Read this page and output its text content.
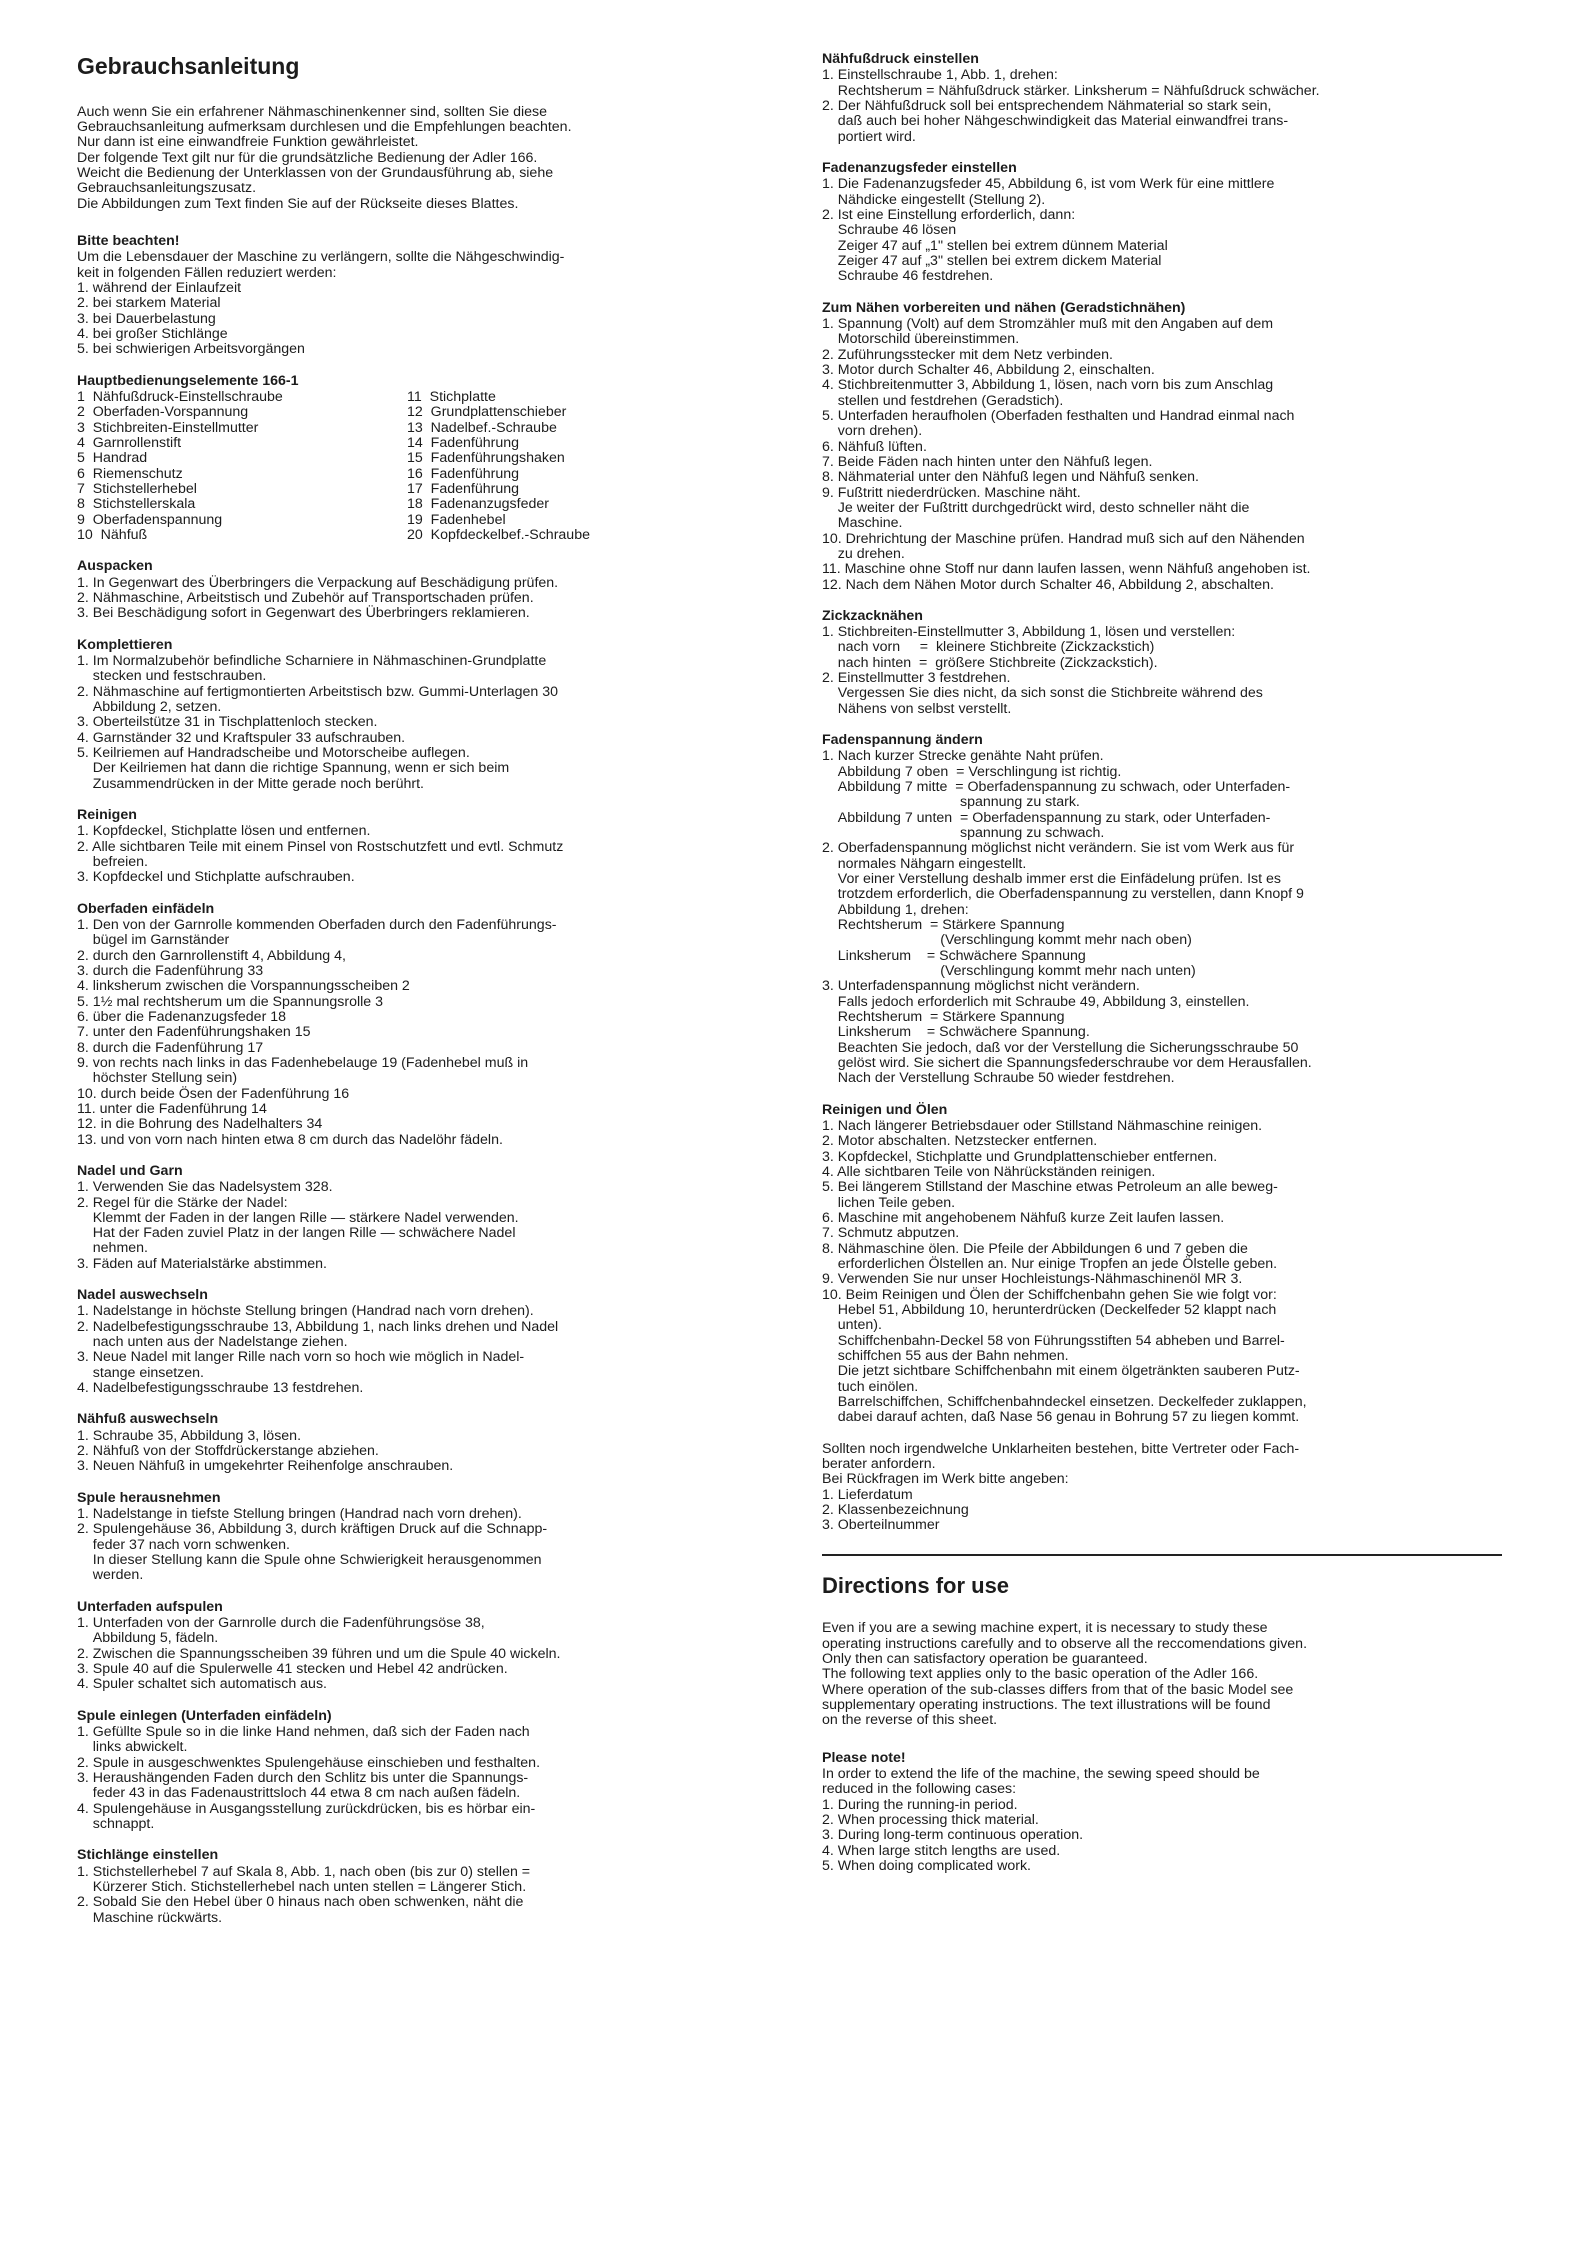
Gebrauchsanleitung
Auch wenn Sie ein erfahrener Nähmaschinenkenner sind, sollten Sie diese
Gebrauchsanleitung aufmerksam durchlesen und die Empfehlungen beachten.
Nur dann ist eine einwandfreie Funktion gewährleistet.
Der folgende Text gilt nur für die grundsätzliche Bedienung der Adler 166.
Weicht die Bedienung der Unterklassen von der Grundausführung ab, siehe
Gebrauchsanleitungszusatz.
Die Abbildungen zum Text finden Sie auf der Rückseite dieses Blattes.
Bitte beachten!
Um die Lebensdauer der Maschine zu verlängern, sollte die Nähgeschwindig-
keit in folgenden Fällen reduziert werden:
1. während der Einlaufzeit
2. bei starkem Material
3. bei Dauerbelastung
4. bei großer Stichlänge
5. bei schwierigen Arbeitsvorgängen
Hauptbedienungselemente 166-1
1  Nähfußdruck-Einstellschraube
2  Oberfaden-Vorspannung
3  Stichbreiten-Einstellmutter
4  Garnrollenstift
5  Handrad
6  Riemenschutz
7  Stichstellerhebel
8  Stichstellerskala
9  Oberfadenspannung
10  Nähfuß
11  Stichplatte
12  Grundplattenschieber
13  Nadelbef.-Schraube
14  Fadenführung
15  Fadenführungshaken
16  Fadenführung
17  Fadenführung
18  Fadenanzugsfeder
19  Fadenhebel
20  Kopfdeckelbef.-Schraube
Auspacken
1. In Gegenwart des Überbringers die Verpackung auf Beschädigung prüfen.
2. Nähmaschine, Arbeitstisch und Zubehör auf Transportschaden prüfen.
3. Bei Beschädigung sofort in Gegenwart des Überbringers reklamieren.
Komplettieren
1. Im Normalzubehör befindliche Scharniere in Nähmaschinen-Grundplatte
stecken und festschrauben.
2. Nähmaschine auf fertigmontierten Arbeitstisch bzw. Gummi-Unterlagen 30
Abbildung 2, setzen.
3. Oberteilstütze 31 in Tischplattenloch stecken.
4. Garnständer 32 und Kraftspuler 33 aufschrauben.
5. Keilriemen auf Handradscheibe und Motorscheibe auflegen.
Der Keilriemen hat dann die richtige Spannung, wenn er sich beim
Zusammendrücken in der Mitte gerade noch berührt.
Reinigen
1. Kopfdeckel, Stichplatte lösen und entfernen.
2. Alle sichtbaren Teile mit einem Pinsel von Rostschutzfett und evtl. Schmutz
befreien.
3. Kopfdeckel und Stichplatte aufschrauben.
Oberfaden einfädeln
1. Den von der Garnrolle kommenden Oberfaden durch den Fadenführungs-
bügel im Garnständer
2. durch den Garnrollenstift 4, Abbildung 4,
3. durch die Fadenführung 33
4. linksherum zwischen die Vorspannungsscheiben 2
5. 1½ mal rechtsherum um die Spannungsrolle 3
6. über die Fadenanzugsfeder 18
7. unter den Fadenführungshaken 15
8. durch die Fadenführung 17
9. von rechts nach links in das Fadenhebelauge 19 (Fadenhebel muß in
höchster Stellung sein)
10. durch beide Ösen der Fadenführung 16
11. unter die Fadenführung 14
12. in die Bohrung des Nadelhalters 34
13. und von vorn nach hinten etwa 8 cm durch das Nadelöhr fädeln.
Nadel und Garn
1. Verwenden Sie das Nadelsystem 328.
2. Regel für die Stärke der Nadel:
Klemmt der Faden in der langen Rille — stärkere Nadel verwenden.
Hat der Faden zuviel Platz in der langen Rille — schwächere Nadel
nehmen.
3. Fäden auf Materialstärke abstimmen.
Nadel auswechseln
1. Nadelstange in höchste Stellung bringen (Handrad nach vorn drehen).
2. Nadelbefestigungsschraube 13, Abbildung 1, nach links drehen und Nadel
nach unten aus der Nadelstange ziehen.
3. Neue Nadel mit langer Rille nach vorn so hoch wie möglich in Nadel-
stange einsetzen.
4. Nadelbefestigungsschraube 13 festdrehen.
Nähfuß auswechseln
1. Schraube 35, Abbildung 3, lösen.
2. Nähfuß von der Stoffdrückerstange abziehen.
3. Neuen Nähfuß in umgekehrter Reihenfolge anschrauben.
Spule herausnehmen
1. Nadelstange in tiefste Stellung bringen (Handrad nach vorn drehen).
2. Spulengehäuse 36, Abbildung 3, durch kräftigen Druck auf die Schnapp-
feder 37 nach vorn schwenken.
In dieser Stellung kann die Spule ohne Schwierigkeit herausgenommen
werden.
Unterfaden aufspulen
1. Unterfaden von der Garnrolle durch die Fadenführungsöse 38,
Abbildung 5, fädeln.
2. Zwischen die Spannungsscheiben 39 führen und um die Spule 40 wickeln.
3. Spule 40 auf die Spulerwelle 41 stecken und Hebel 42 andrücken.
4. Spuler schaltet sich automatisch aus.
Spule einlegen (Unterfaden einfädeln)
1. Gefüllte Spule so in die linke Hand nehmen, daß sich der Faden nach
links abwickelt.
2. Spule in ausgeschwenktes Spulengehäuse einschieben und festhalten.
3. Heraushängenden Faden durch den Schlitz bis unter die Spannungs-
feder 43 in das Fadenaustrittsloch 44 etwa 8 cm nach außen fädeln.
4. Spulengehäuse in Ausgangsstellung zurückdrücken, bis es hörbar ein-
schnappt.
Stichlänge einstellen
1. Stichstellerhebel 7 auf Skala 8, Abb. 1, nach oben (bis zur 0) stellen =
Kürzerer Stich. Stichstellerhebel nach unten stellen = Längerer Stich.
2. Sobald Sie den Hebel über 0 hinaus nach oben schwenken, näht die
Maschine rückwärts.
Nähfußdruck einstellen
1. Einstellschraube 1, Abb. 1, drehen:
Rechtsherum = Nähfußdruck stärker. Linksherum = Nähfußdruck schwächer.
2. Der Nähfußdruck soll bei entsprechendem Nähmaterial so stark sein,
daß auch bei hoher Nähgeschwindigkeit das Material einwandfrei trans-
portiert wird.
Fadenanzugsfeder einstellen
1. Die Fadenanzugsfeder 45, Abbildung 6, ist vom Werk für eine mittlere
Nähdicke eingestellt (Stellung 2).
2. Ist eine Einstellung erforderlich, dann:
Schraube 46 lösen
Zeiger 47 auf „1" stellen bei extrem dünnem Material
Zeiger 47 auf „3" stellen bei extrem dickem Material
Schraube 46 festdrehen.
Zum Nähen vorbereiten und nähen (Geradstichnähen)
1. Spannung (Volt) auf dem Stromzähler muß mit den Angaben auf dem
Motorschild übereinstimmen.
2. Zuführungsstecker mit dem Netz verbinden.
3. Motor durch Schalter 46, Abbildung 2, einschalten.
4. Stichbreitenmutter 3, Abbildung 1, lösen, nach vorn bis zum Anschlag
stellen und festdrehen (Geradstich).
5. Unterfaden heraufholen (Oberfaden festhalten und Handrad einmal nach
vorn drehen).
6. Nähfuß lüften.
7. Beide Fäden nach hinten unter den Nähfuß legen.
8. Nähmaterial unter den Nähfuß legen und Nähfuß senken.
9. Fußtritt niederdrücken. Maschine näht.
Je weiter der Fußtritt durchgedrückt wird, desto schneller näht die
Maschine.
10. Drehrichtung der Maschine prüfen. Handrad muß sich auf den Nähenden
zu drehen.
11. Maschine ohne Stoff nur dann laufen lassen, wenn Nähfuß angehoben ist.
12. Nach dem Nähen Motor durch Schalter 46, Abbildung 2, abschalten.
Zickzacknähen
1. Stichbreiten-Einstellmutter 3, Abbildung 1, lösen und verstellen:
nach vorn     =  kleinere Stichbreite (Zickzackstich)
nach hinten  =  größere Stichbreite (Zickzackstich).
2. Einstellmutter 3 festdrehen.
Vergessen Sie dies nicht, da sich sonst die Stichbreite während des
Nähens von selbst verstellt.
Fadenspannung ändern
1. Nach kurzer Strecke genähte Naht prüfen.
Abbildung 7 oben  = Verschlingung ist richtig.
Abbildung 7 mitte  = Oberfadenspannung zu schwach, oder Unterfaden-
spannung zu stark.
Abbildung 7 unten  = Oberfadenspannung zu stark, oder Unterfaden-
spannung zu schwach.
2. Oberfadenspannung möglichst nicht verändern. Sie ist vom Werk aus für
normales Nähgarn eingestellt.
Vor einer Verstellung deshalb immer erst die Einfädelung prüfen. Ist es
trotzdem erforderlich, die Oberfadenspannung zu verstellen, dann Knopf 9
Abbildung 1, drehen:
Rechtsherum  = Stärkere Spannung
(Verschlingung kommt mehr nach oben)
Linksherum    = Schwächere Spannung
(Verschlingung kommt mehr nach unten)
3. Unterfadenspannung möglichst nicht verändern.
Falls jedoch erforderlich mit Schraube 49, Abbildung 3, einstellen.
Rechtsherum  = Stärkere Spannung
Linksherum    = Schwächere Spannung.
Beachten Sie jedoch, daß vor der Verstellung die Sicherungsschraube 50
gelöst wird. Sie sichert die Spannungsfederschraube vor dem Herausfallen.
Nach der Verstellung Schraube 50 wieder festdrehen.
Reinigen und Ölen
1. Nach längerer Betriebsdauer oder Stillstand Nähmaschine reinigen.
2. Motor abschalten. Netzstecker entfernen.
3. Kopfdeckel, Stichplatte und Grundplattenschieber entfernen.
4. Alle sichtbaren Teile von Nährückständen reinigen.
5. Bei längerem Stillstand der Maschine etwas Petroleum an alle beweg-
lichen Teile geben.
6. Maschine mit angehobenem Nähfuß kurze Zeit laufen lassen.
7. Schmutz abputzen.
8. Nähmaschine ölen. Die Pfeile der Abbildungen 6 und 7 geben die
erforderlichen Ölstellen an. Nur einige Tropfen an jede Ölstelle geben.
9. Verwenden Sie nur unser Hochleistungs-Nähmaschinenöl MR 3.
10. Beim Reinigen und Ölen der Schiffchenbahn gehen Sie wie folgt vor:
Hebel 51, Abbildung 10, herunterdrücken (Deckelfeder 52 klappt nach
unten).
Schiffchenbahn-Deckel 58 von Führungsstiften 54 abheben und Barrel-
schiffchen 55 aus der Bahn nehmen.
Die jetzt sichtbare Schiffchenbahn mit einem ölgetränkten sauberen Putz-
tuch einölen.
Barrelschiffchen, Schiffchenbahndeckel einsetzen. Deckelfeder zuklappen,
dabei darauf achten, daß Nase 56 genau in Bohrung 57 zu liegen kommt.
Sollten noch irgendwelche Unklarheiten bestehen, bitte Vertreter oder Fach-
berater anfordern.
Bei Rückfragen im Werk bitte angeben:
1. Lieferdatum
2. Klassenbezeichnung
3. Oberteilnummer
Directions for use
Even if you are a sewing machine expert, it is necessary to study these
operating instructions carefully and to observe all the reccomendations given.
Only then can satisfactory operation be guaranteed.
The following text applies only to the basic operation of the Adler 166.
Where operation of the sub-classes differs from that of the basic Model see
supplementary operating instructions. The text illustrations will be found
on the reverse of this sheet.
Please note!
In order to extend the life of the machine, the sewing speed should be
reduced in the following cases:
1. During the running-in period.
2. When processing thick material.
3. During long-term continuous operation.
4. When large stitch lengths are used.
5. When doing complicated work.
